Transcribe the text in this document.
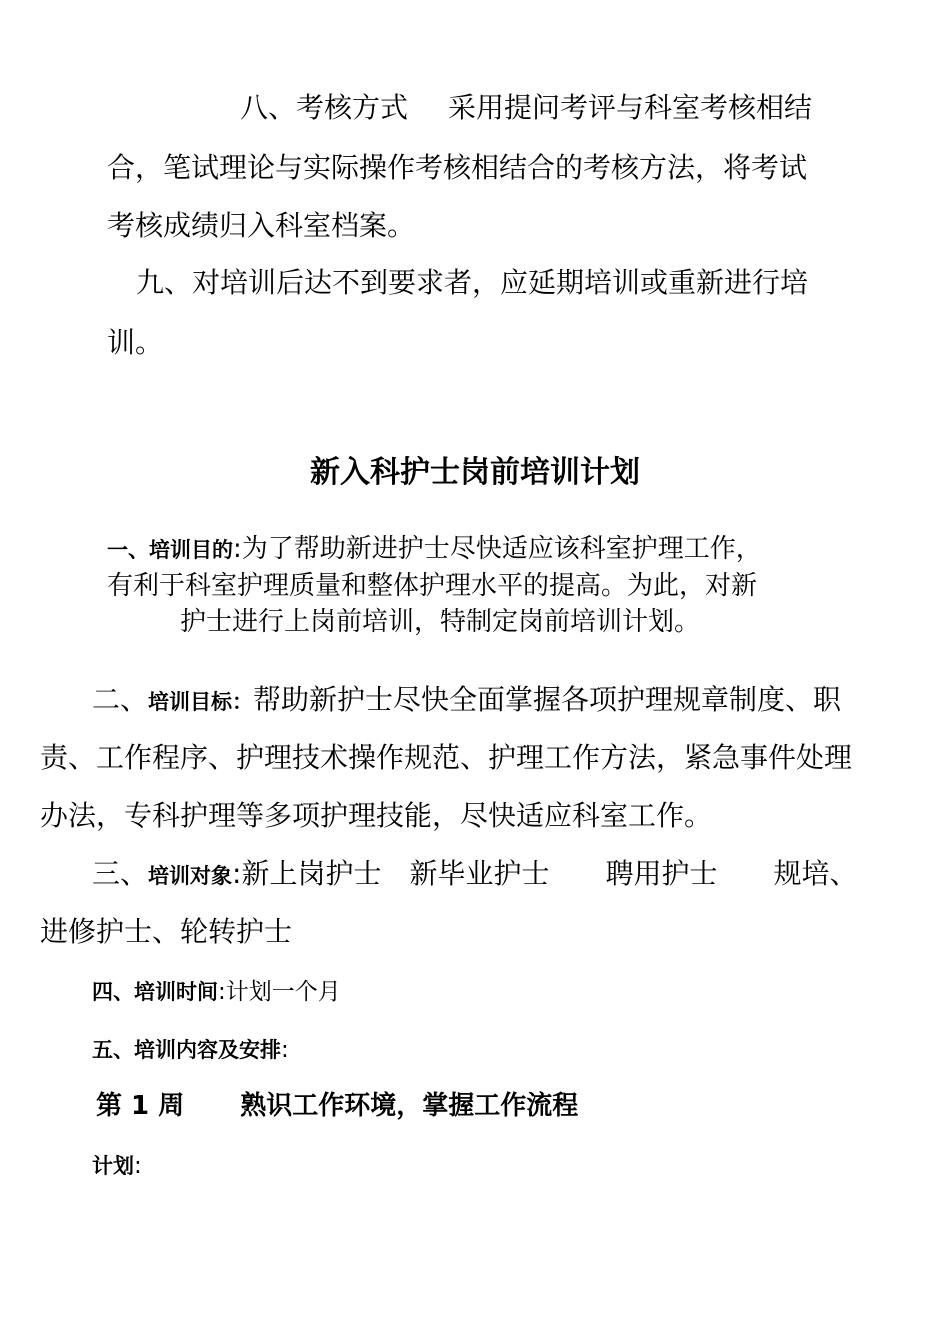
八、考核方式 采用提问考评与科室考核相结

合，笔试理论与实际操作考核相结合的考核方法，将考试

考核成绩归入科室档案。

九、对培训后达不到要求者，应延期培训或重新进行培

训。

新入科护士岗前培训计划

一、培训目的:为了帮助新进护士尽快适应该科室护理工作，

有利于科室护理质量和整体护理水平的提高。为此，对新

护士进行上岗前培训，特制定岗前培训计划。

二、培训目标：帮助新护士尽快全面掌握各项护理规章制度、职

责、工作程序、护理技术操作规范、护理工作方法，紧急事件处理

办法，专科护理等多项护理技能，尽快适应科室工作。

三、培训对象:新上岗护士　新毕业护士　　聘用护士　　规培、

进修护士、轮转护士

四、培训时间:计划一个月

五、培训内容及安排:

第 1 周 熟识工作环境，掌握工作流程

计划:
